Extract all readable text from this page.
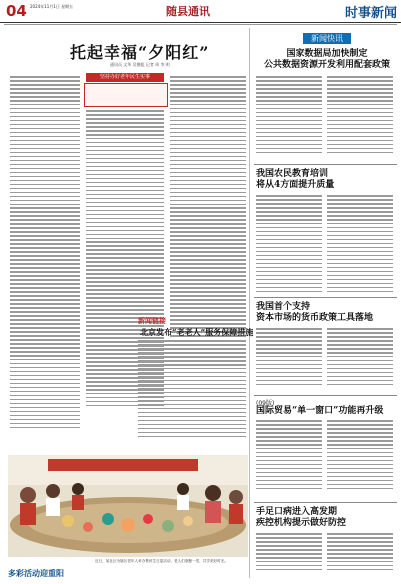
04 2024年11月1日 星期五	随县通讯	时事新闻
托起幸福“夕阳红”
通讯员 文华 吴德彪 记者 周 李 明
坚持办好老年民生实事
新闻链接
北京发布“老老人”服务保障措施
近日，某社区为辖区老年人举办集体生日宴活动，老人们欢聚一堂，共享美好时光。
多彩活动迎重阳
新闻快讯
国家数据局加快制定
公共数据资源开发利用配套政策
我国农民教育培训
将从4方面提升质量
我国首个支持
资本市场的货币政策工具落地
(09版)
国际贸易“单一窗口”功能再升级
手足口病进入高发期
疾控机构提示做好防控
